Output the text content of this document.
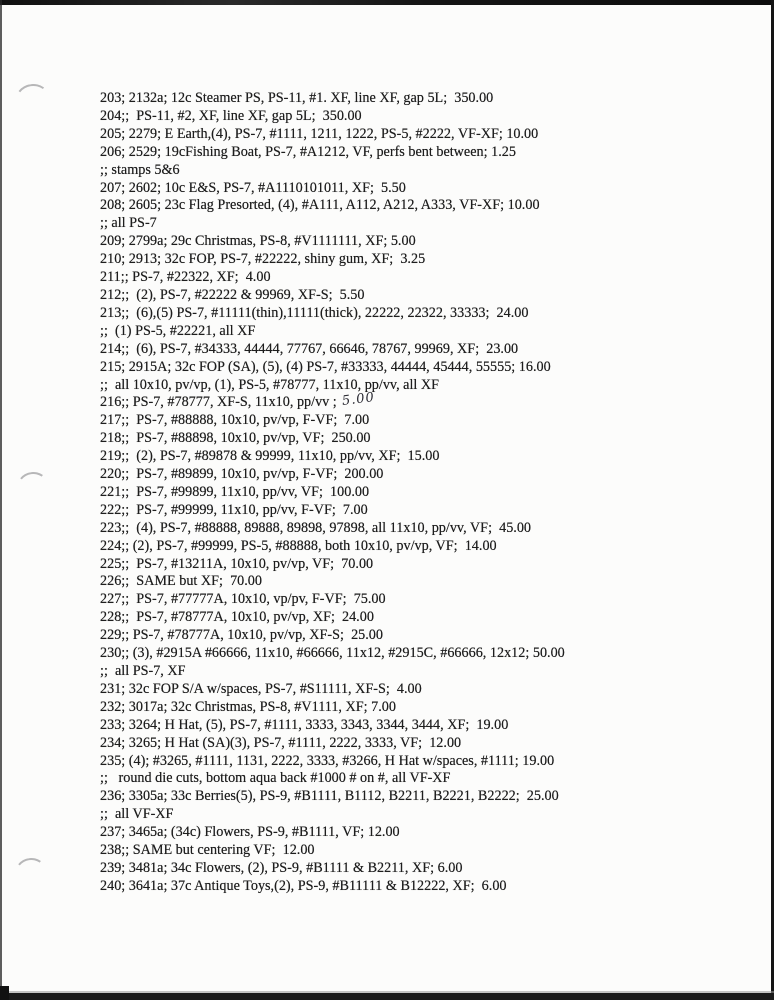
203; 2132a; 12c Steamer PS, PS-11, #1. XF, line XF, gap 5L;  350.00
204;;  PS-11, #2, XF, line XF, gap 5L;  350.00
205; 2279; E Earth,(4), PS-7, #1111, 1211, 1222, PS-5, #2222, VF-XF; 10.00
206; 2529; 19cFishing Boat, PS-7, #A1212, VF, perfs bent between; 1.25
;; stamps 5&6
207; 2602; 10c E&S, PS-7, #A1110101011, XF;  5.50
208; 2605; 23c Flag Presorted, (4), #A111, A112, A212, A333, VF-XF; 10.00
;; all PS-7
209; 2799a; 29c Christmas, PS-8, #V1111111, XF; 5.00
210; 2913; 32c FOP, PS-7, #22222, shiny gum, XF;  3.25
211;; PS-7, #22322, XF;  4.00
212;;  (2), PS-7, #22222 & 99969, XF-S;  5.50
213;;  (6),(5) PS-7, #11111(thin),11111(thick), 22222, 22322, 33333;  24.00
;;  (1) PS-5, #22221, all XF
214;;  (6), PS-7, #34333, 44444, 77767, 66646, 78767, 99969, XF;  23.00
215; 2915A; 32c FOP (SA), (5), (4) PS-7, #33333, 44444, 45444, 55555; 16.00
;;  all 10x10, pv/vp, (1), PS-5, #78777, 11x10, pp/vv, all XF
216;; PS-7, #78777, XF-S, 11x10, pp/vv ; 5.00
217;;  PS-7, #88888, 10x10, pv/vp, F-VF;  7.00
218;;  PS-7, #88898, 10x10, pv/vp, VF;  250.00
219;;  (2), PS-7, #89878 & 99999, 11x10, pp/vv, XF;  15.00
220;;  PS-7, #89899, 10x10, pv/vp, F-VF;  200.00
221;;  PS-7, #99899, 11x10, pp/vv, VF;  100.00
222;;  PS-7, #99999, 11x10, pp/vv, F-VF;  7.00
223;;  (4), PS-7, #88888, 89888, 89898, 97898, all 11x10, pp/vv, VF;  45.00
224;; (2), PS-7, #99999, PS-5, #88888, both 10x10, pv/vp, VF;  14.00
225;;  PS-7, #13211A, 10x10, pv/vp, VF;  70.00
226;;  SAME but XF;  70.00
227;;  PS-7, #77777A, 10x10, vp/pv, F-VF;  75.00
228;;  PS-7, #78777A, 10x10, pv/vp, XF;  24.00
229;; PS-7, #78777A, 10x10, pv/vp, XF-S;  25.00
230;; (3), #2915A #66666, 11x10, #66666, 11x12, #2915C, #66666, 12x12; 50.00
;;  all PS-7, XF
231; 32c FOP S/A w/spaces, PS-7, #S11111, XF-S;  4.00
232; 3017a; 32c Christmas, PS-8, #V1111, XF; 7.00
233; 3264; H Hat, (5), PS-7, #1111, 3333, 3343, 3344, 3444, XF;  19.00
234; 3265; H Hat (SA)(3), PS-7, #1111, 2222, 3333, VF;  12.00
235; (4); #3265, #1111, 1131, 2222, 3333, #3266, H Hat w/spaces, #1111; 19.00
;;   round die cuts, bottom aqua back #1000 # on #, all VF-XF
236; 3305a; 33c Berries(5), PS-9, #B1111, B1112, B2211, B2221, B2222;  25.00
;;  all VF-XF
237; 3465a; (34c) Flowers, PS-9, #B1111, VF; 12.00
238;; SAME but centering VF;  12.00
239; 3481a; 34c Flowers, (2), PS-9, #B1111 & B2211, XF; 6.00
240; 3641a; 37c Antique Toys,(2), PS-9, #B11111 & B12222, XF;  6.00
